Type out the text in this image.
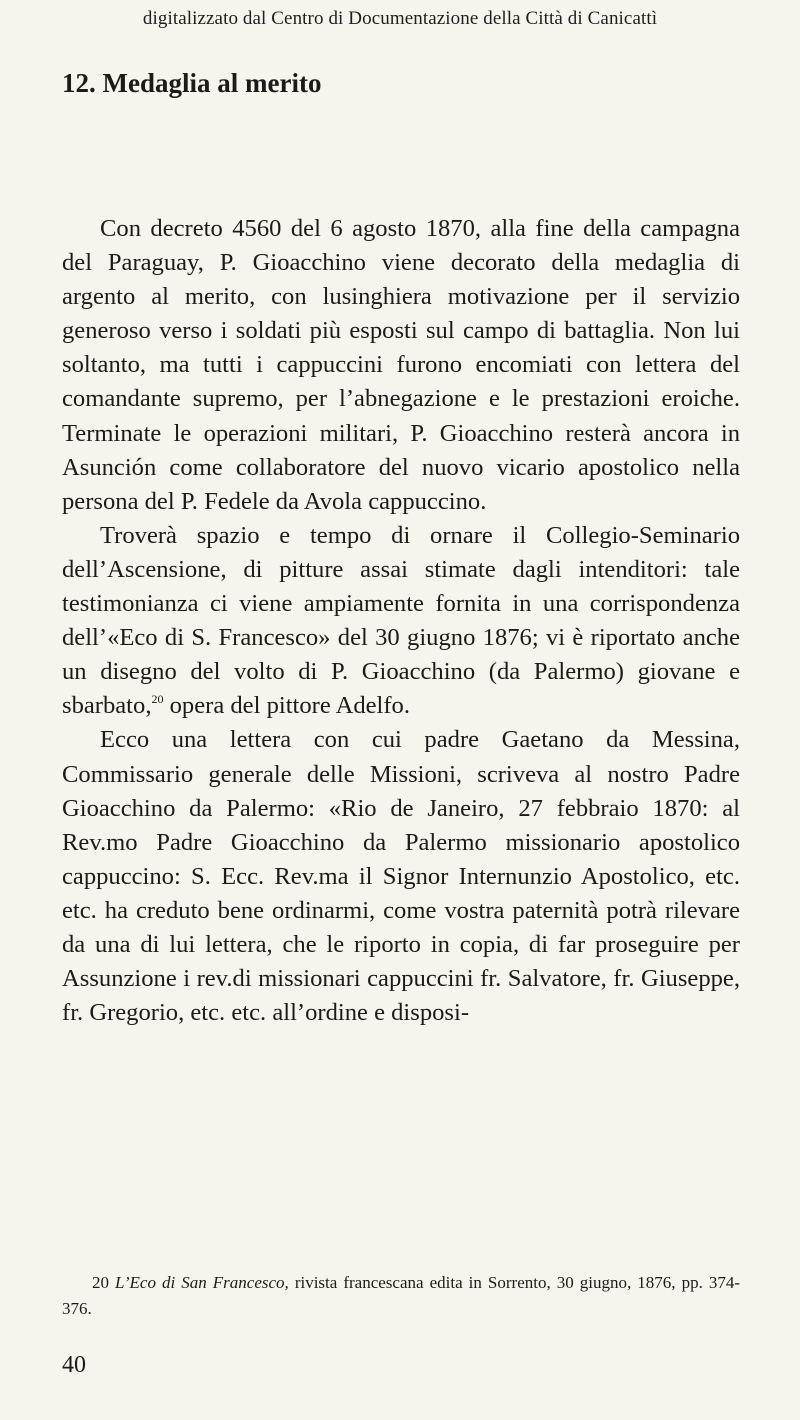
digitalizzato dal Centro di Documentazione della Città di Canicattì
12. Medaglia al merito

Con decreto 4560 del 6 agosto 1870, alla fine della campagna del Paraguay, P. Gioacchino viene decorato della medaglia di argento al merito, con lusinghiera motivazione per il servizio generoso verso i soldati più esposti sul campo di battaglia. Non lui soltanto, ma tutti i cappuccini furono encomiati con lettera del comandante supremo, per l’abnegazione e le prestazioni eroiche. Terminate le operazioni militari, P. Gioacchino resterà ancora in Asunción come collaboratore del nuovo vicario apostolico nella persona del P. Fedele da Avola cappuccino.

Troverà spazio e tempo di ornare il Collegio-Seminario dell’Ascensione, di pitture assai stimate dagli intenditori: tale testimonianza ci viene ampiamente fornita in una corrispondenza dell’«Eco di S. Francesco» del 30 giugno 1876; vi è riportato anche un disegno del volto di P. Gioacchino (da Palermo) giovane e sbarbato,$^{20}$ opera del pittore Adelfo.

Ecco una lettera con cui padre Gaetano da Messina, Commissario generale delle Missioni, scriveva al nostro Padre Gioacchino da Palermo: «Rio de Janeiro, 27 febbraio 1870: al Rev.mo Padre Gioacchino da Palermo missionario apostolico cappuccino: S. Ecc. Rev.ma il Signor Internunzio Apostolico, etc. etc. ha creduto bene ordinarmi, come vostra paternità potrà rilevare da una di lui lettera, che le riporto in copia, di far proseguire per Assunzione i rev.di missionari cappuccini fr. Salvatore, fr. Giuseppe, fr. Gregorio, etc. etc. all’ordine e disposi-

20 L’Eco di San Francesco, rivista francescana edita in Sorrento, 30 giugno, 1876, pp. 374-376.
40
